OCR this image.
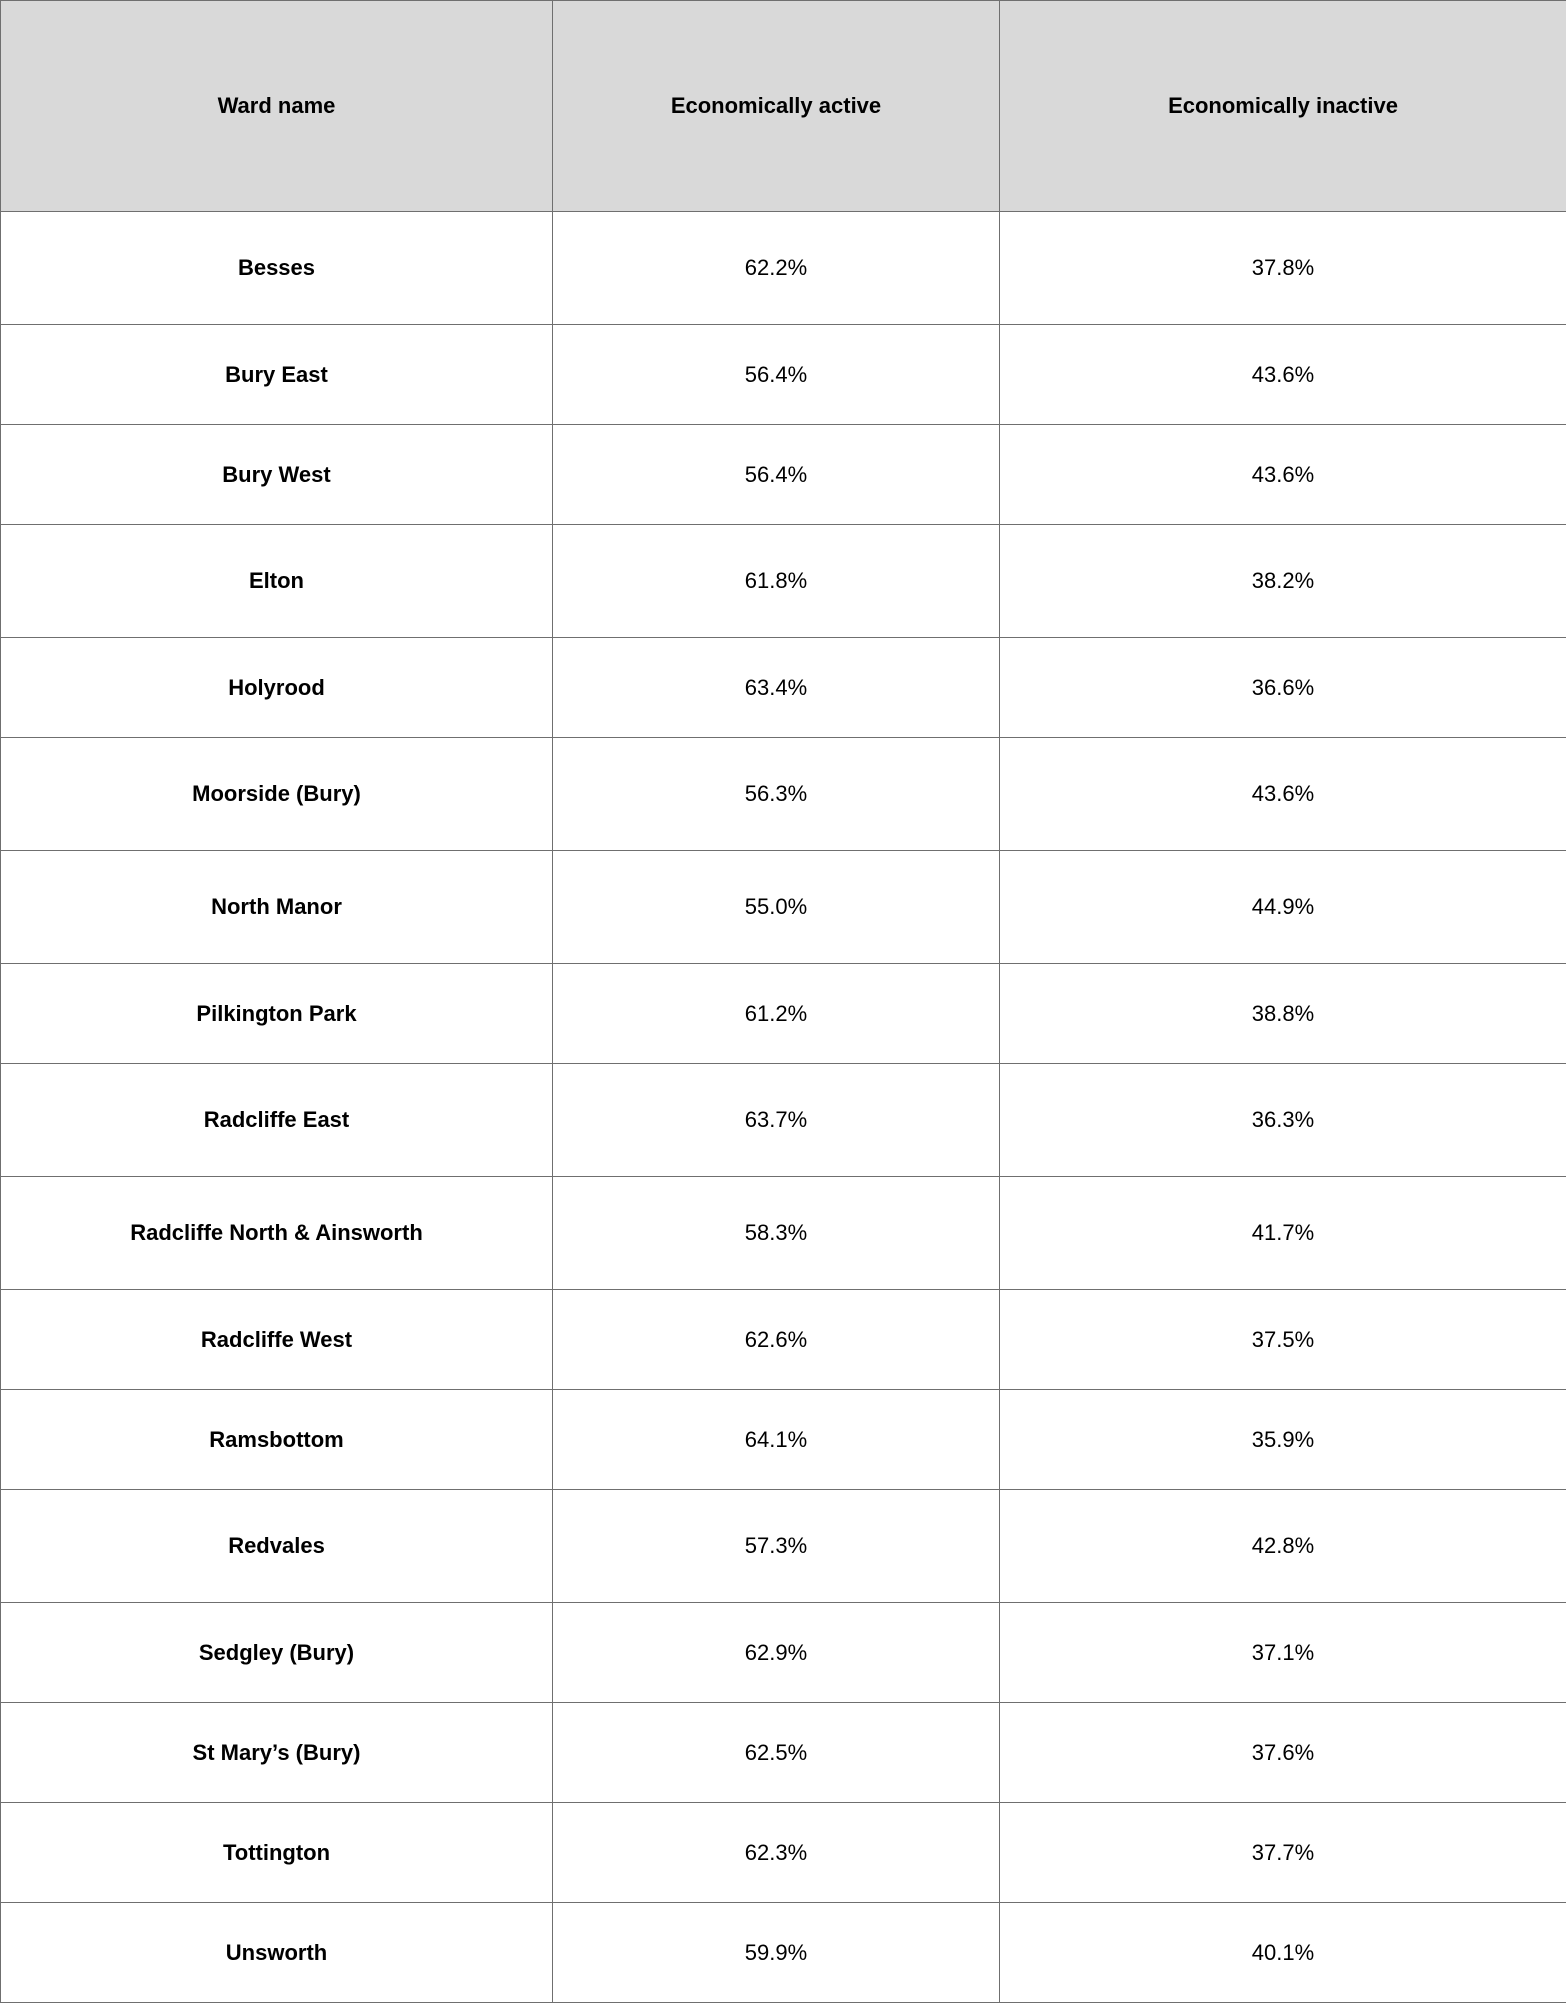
Ward name	Economically active	Economically inactive
Besses	62.2%	37.8%
Bury East	56.4%	43.6%
Bury West	56.4%	43.6%
Elton	61.8%	38.2%
Holyrood	63.4%	36.6%
Moorside (Bury)	56.3%	43.6%
North Manor	55.0%	44.9%
Pilkington Park	61.2%	38.8%
Radcliffe East	63.7%	36.3%
Radcliffe North & Ainsworth	58.3%	41.7%
Radcliffe West	62.6%	37.5%
Ramsbottom	64.1%	35.9%
Redvales	57.3%	42.8%
Sedgley (Bury)	62.9%	37.1%
St Mary’s (Bury)	62.5%	37.6%
Tottington	62.3%	37.7%
Unsworth	59.9%	40.1%
